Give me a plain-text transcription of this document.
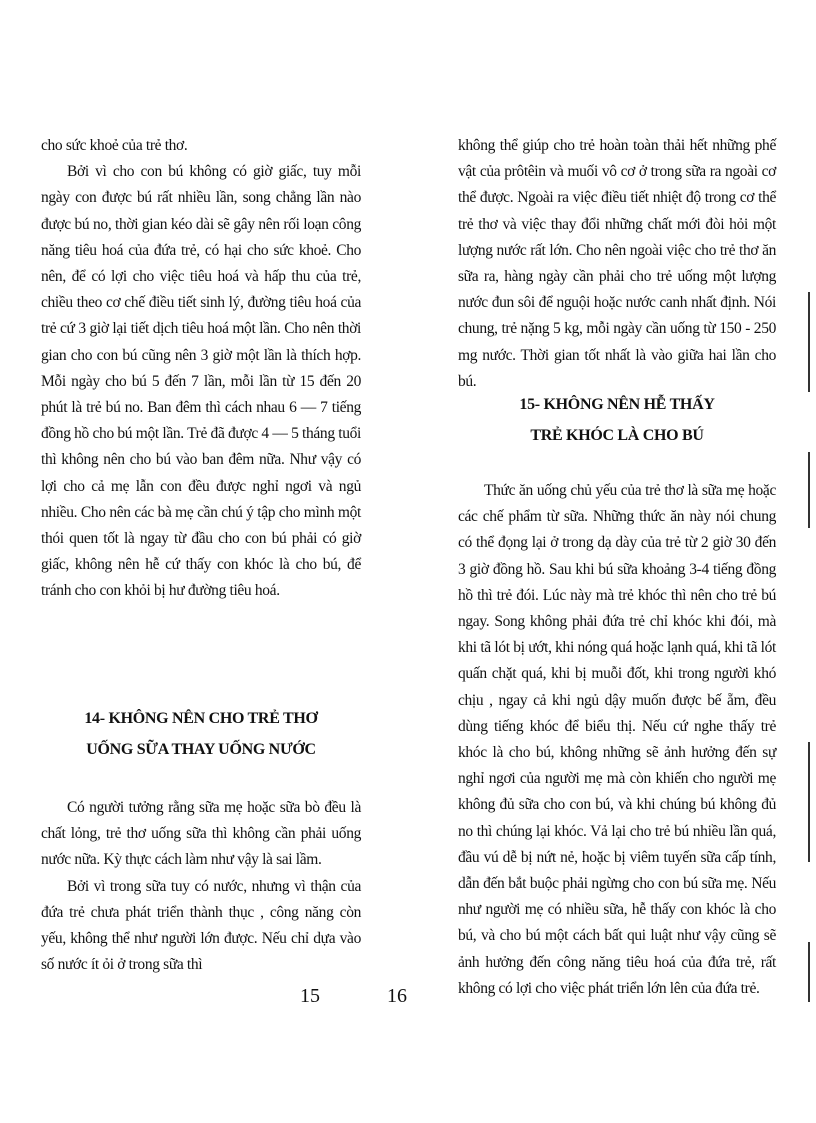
cho sức khoẻ của trẻ thơ.

Bởi vì cho con bú không có giờ giấc, tuy mỗi ngày con được bú rất nhiều lần, song chẳng lần nào được bú no, thời gian kéo dài sẽ gây nên rối loạn công năng tiêu hoá của đứa trẻ, có hại cho sức khoẻ. Cho nên, để có lợi cho việc tiêu hoá và hấp thu của trẻ, chiều theo cơ chế điều tiết sinh lý, đường tiêu hoá của trẻ cứ 3 giờ lại tiết dịch tiêu hoá một lần. Cho nên thời gian cho con bú cũng nên 3 giờ một lần là thích hợp. Mỗi ngày cho bú 5 đến 7 lần, mỗi lần từ 15 đến 20 phút là trẻ bú no. Ban đêm thì cách nhau 6 — 7 tiếng đồng hồ cho bú một lần. Trẻ đã được 4 — 5 tháng tuổi thì không nên cho bú vào ban đêm nữa. Như vậy có lợi cho cả mẹ lẫn con đều được nghỉ ngơi và ngủ nhiều. Cho nên các bà mẹ cần chú ý tập cho mình một thói quen tốt là ngay từ đầu cho con bú phải có giờ giấc, không nên hễ cứ thấy con khóc là cho bú, để tránh cho con khỏi bị hư đường tiêu hoá.

14- KHÔNG NÊN CHO TRẺ THƠ
UỐNG SỮA THAY UỐNG NƯỚC

Có người tưởng rằng sữa mẹ hoặc sữa bò đều là chất lỏng, trẻ thơ uống sữa thì không cần phải uống nước nữa. Kỳ thực cách làm như vậy là sai lầm.

Bởi vì trong sữa tuy có nước, nhưng vì thận của đứa trẻ chưa phát triển thành thục , công năng còn yếu, không thể như người lớn được. Nếu chỉ dựa vào số nước ít ỏi ở trong sữa thì

không thể giúp cho trẻ hoàn toàn thải hết những phế vật của prôtêin và muối vô cơ ở trong sữa ra ngoài cơ thể được. Ngoài ra việc điều tiết nhiệt độ trong cơ thể trẻ thơ và việc thay đổi những chất mới đòi hỏi một lượng nước rất lớn. Cho nên ngoài việc cho trẻ thơ ăn sữa ra, hàng ngày cần phải cho trẻ uống một lượng nước đun sôi để nguội hoặc nước canh nhất định. Nói chung, trẻ nặng 5 kg, mỗi ngày cần uống từ 150 - 250 mg nước. Thời gian tốt nhất là vào giữa hai lần cho bú.

15- KHÔNG NÊN HỄ THẤY
TRẺ KHÓC LÀ CHO BÚ

Thức ăn uống chủ yếu của trẻ thơ là sữa mẹ hoặc các chế phẩm từ sữa. Những thức ăn này nói chung có thể đọng lại ở trong dạ dày của trẻ từ 2 giờ 30 đến 3 giờ đồng hồ. Sau khi bú sữa khoảng 3-4 tiếng đồng hồ thì trẻ đói. Lúc này mà trẻ khóc thì nên cho trẻ bú ngay. Song không phải đứa trẻ chỉ khóc khi đói, mà khi tã lót bị ướt, khi nóng quá hoặc lạnh quá, khi tã lót quấn chặt quá, khi bị muỗi đốt, khi trong người khó chịu , ngay cả khi ngủ dậy muốn được bế ẵm, đều dùng tiếng khóc để biểu thị. Nếu cứ nghe thấy trẻ khóc là cho bú, không những sẽ ảnh hưởng đến sự nghỉ ngơi của người mẹ mà còn khiến cho người mẹ không đủ sữa cho con bú, và khi chúng bú không đủ no thì chúng lại khóc. Vả lại cho trẻ bú nhiều lần quá, đầu vú dễ bị nứt nẻ, hoặc bị viêm tuyến sữa cấp tính, dẫn đến bắt buộc phải ngừng cho con bú sữa mẹ. Nếu như người mẹ có nhiều sữa, hễ thấy con khóc là cho bú, và cho bú một cách bất qui luật như vậy cũng sẽ ảnh hưởng đến công năng tiêu hoá của đứa trẻ, rất không có lợi cho việc phát triển lớn lên của đứa trẻ.

15	16
